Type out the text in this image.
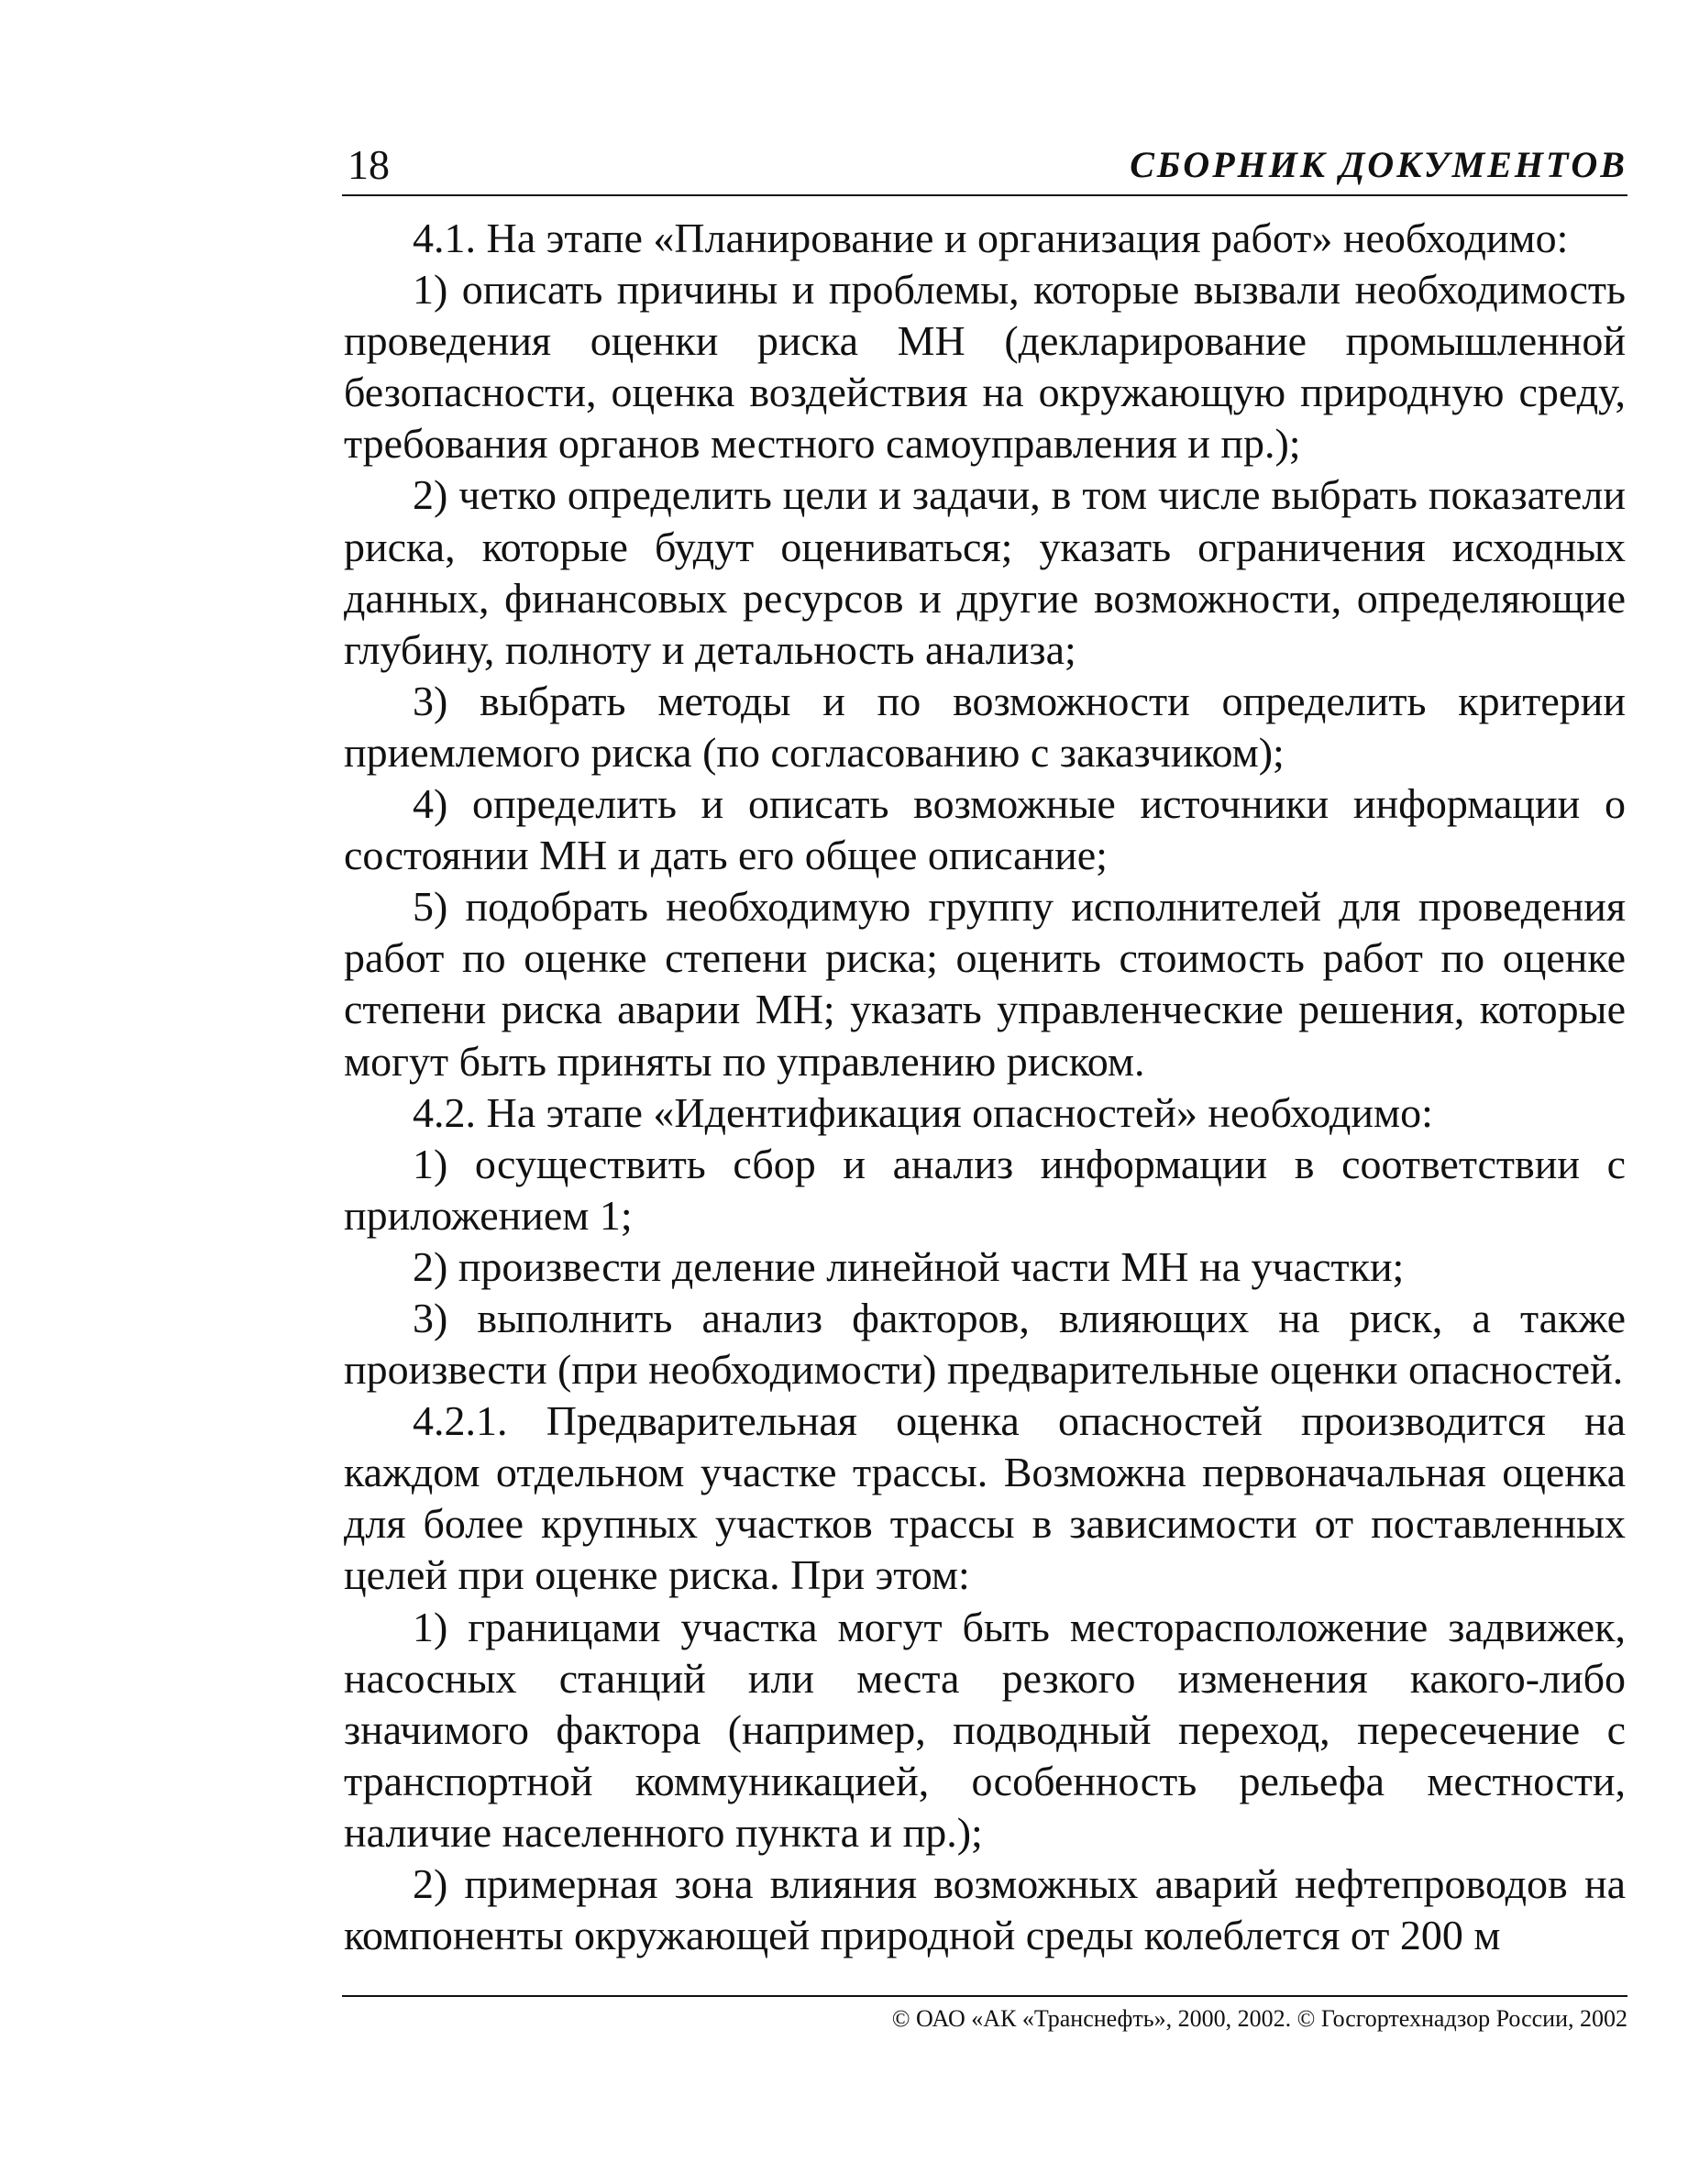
18	СБОРНИК ДОКУМЕНТОВ

4.1. На этапе «Планирование и организация работ» необходимо:

1) описать причины и проблемы, которые вызвали необходимость проведения оценки риска МН (декларирование промышленной безопасности, оценка воздействия на окружающую природную среду, требования органов местного самоуправления и пр.);

2) четко определить цели и задачи, в том числе выбрать показатели риска, которые будут оцениваться; указать ограничения исходных данных, финансовых ресурсов и другие возможности, определяющие глубину, полноту и детальность анализа;

3) выбрать методы и по возможности определить критерии приемлемого риска (по согласованию с заказчиком);

4) определить и описать возможные источники информации о состоянии МН и дать его общее описание;

5) подобрать необходимую группу исполнителей для проведения работ по оценке степени риска; оценить стоимость работ по оценке степени риска аварии МН; указать управленческие решения, которые могут быть приняты по управлению риском.

4.2. На этапе «Идентификация опасностей» необходимо:

1) осуществить сбор и анализ информации в соответствии с приложением 1;

2) произвести деление линейной части МН на участки;

3) выполнить анализ факторов, влияющих на риск, а также произвести (при необходимости) предварительные оценки опасностей.

4.2.1. Предварительная оценка опасностей производится на каждом отдельном участке трассы. Возможна первоначальная оценка для более крупных участков трассы в зависимости от поставленных целей при оценке риска. При этом:

1) границами участка могут быть месторасположение задвижек, насосных станций или места резкого изменения какого-либо значимого фактора (например, подводный переход, пересечение с транспортной коммуникацией, особенность рельефа местности, наличие населенного пункта и пр.);

2) примерная зона влияния возможных аварий нефтепроводов на компоненты окружающей природной среды колеблется от 200 м

© ОАО «АК «Транснефть», 2000, 2002. © Госгортехнадзор России, 2002
